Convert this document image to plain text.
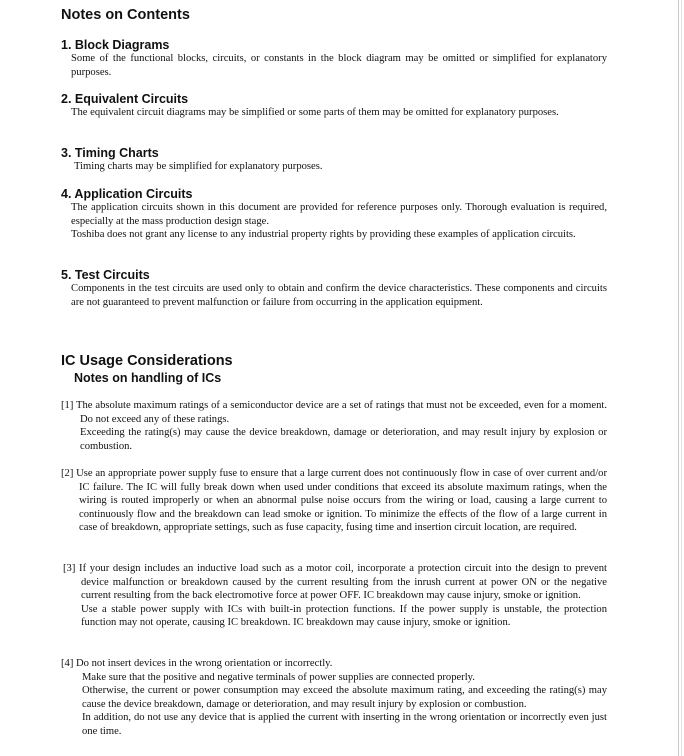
Notes on Contents
1. Block Diagrams
Some of the functional blocks, circuits, or constants in the block diagram may be omitted or simplified for explanatory purposes.
2. Equivalent Circuits
The equivalent circuit diagrams may be simplified or some parts of them may be omitted for explanatory purposes.
3. Timing Charts
Timing charts may be simplified for explanatory purposes.
4. Application Circuits
The application circuits shown in this document are provided for reference purposes only. Thorough evaluation is required, especially at the mass production design stage.
Toshiba does not grant any license to any industrial property rights by providing these examples of application circuits.
5. Test Circuits
Components in the test circuits are used only to obtain and confirm the device characteristics. These components and circuits are not guaranteed to prevent malfunction or failure from occurring in the application equipment.
IC Usage Considerations
Notes on handling of ICs
[1] The absolute maximum ratings of a semiconductor device are a set of ratings that must not be exceeded, even for a moment. Do not exceed any of these ratings.
Exceeding the rating(s) may cause the device breakdown, damage or deterioration, and may result injury by explosion or combustion.
[2] Use an appropriate power supply fuse to ensure that a large current does not continuously flow in case of over current and/or IC failure. The IC will fully break down when used under conditions that exceed its absolute maximum ratings, when the wiring is routed improperly or when an abnormal pulse noise occurs from the wiring or load, causing a large current to continuously flow and the breakdown can lead smoke or ignition. To minimize the effects of the flow of a large current in case of breakdown, appropriate settings, such as fuse capacity, fusing time and insertion circuit location, are required.
[3] If your design includes an inductive load such as a motor coil, incorporate a protection circuit into the design to prevent device malfunction or breakdown caused by the current resulting from the inrush current at power ON or the negative current resulting from the back electromotive force at power OFF. IC breakdown may cause injury, smoke or ignition.
Use a stable power supply with ICs with built-in protection functions. If the power supply is unstable, the protection function may not operate, causing IC breakdown. IC breakdown may cause injury, smoke or ignition.
[4] Do not insert devices in the wrong orientation or incorrectly.
Make sure that the positive and negative terminals of power supplies are connected properly.
Otherwise, the current or power consumption may exceed the absolute maximum rating, and exceeding the rating(s) may cause the device breakdown, damage or deterioration, and may result injury by explosion or combustion.
In addition, do not use any device that is applied the current with inserting in the wrong orientation or incorrectly even just one time.
